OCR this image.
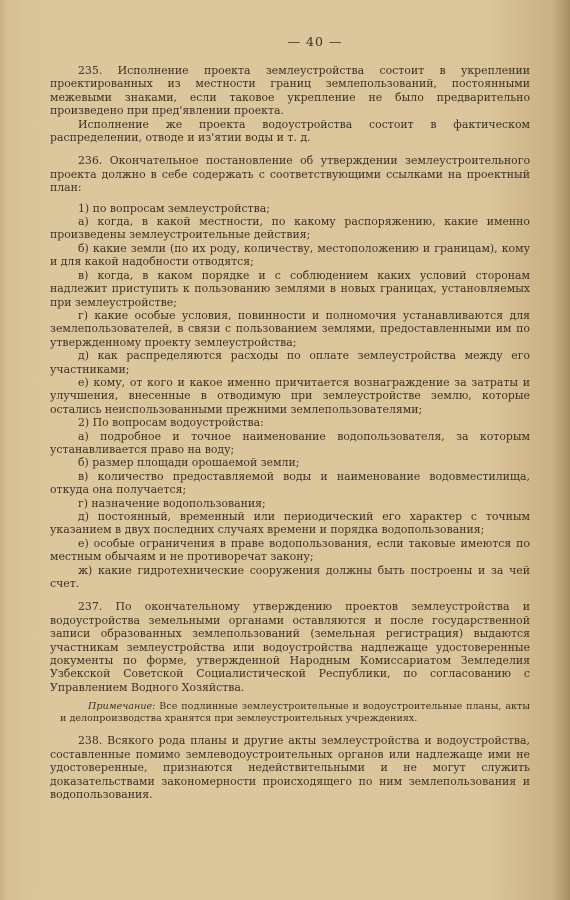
— 40 —

235. Исполнение проекта землеустройства состоит в укреплении проектированных из местности границ землепользований, постоянными межевыми знаками, если таковое укрепление не было предварительно произведено при пред'явлении проекта.

Исполнение же проекта водоустройства состоит в фактическом распределении, отводе и из'ятии воды и т. д.

236. Окончательное постановление об утверждении землеустроительного проекта должно в себе содержать с соответствующими ссылками на проектный план:

1) по вопросам землеустройства;

а) когда, в какой местности, по какому распоряжению, какие именно произведены землеустроительные действия;

б) какие земли (по их роду, количеству, местоположению и границам), кому и для какой надобности отводятся;

в) когда, в каком порядке и с соблюдением каких условий сторонам надлежит приступить к пользованию землями в новых границах, установляемых при землеустройстве;

г) какие особые условия, повинности и полномочия устанавливаются для землепользователей, в связи с пользованием землями, предоставленными им по утвержденному проекту землеустройства;

д) как распределяются расходы по оплате землеустройства между его участниками;

е) кому, от кого и какое именно причитается вознаграждение за затраты и улучшения, внесенные в отводимую при землеустройстве землю, которые остались неиспользованными прежними землепользователями;

2) По вопросам водоустройства:

а) подробное и точное наименование водопользователя, за которым устанавливается право на воду;

б) размер площади орошаемой земли;

в) количество предоставляемой воды и наименование водовместилища, откуда она получается;

г) назначение водопользования;

д) постоянный, временный или периодический его характер с точным указанием в двух последних случаях времени и порядка водопользования;

е) особые ограничения в праве водопользования, если таковые имеются по местным обычаям и не противоречат закону;

ж) какие гидротехнические сооружения должны быть построены и за чей счет.

237. По окончательному утверждению проектов землеустройства и водоустройства земельными органами оставляются и после государственной записи образованных землепользований (земельная регистрация) выдаются участникам землеустройства или водоустройства надлежаще удостоверенные документы по форме, утвержденной Народным Комиссариатом Земледелия Узбекской Советской Социалистической Республики, по согласованию с Управлением Водного Хозяйства.

Примечание: Все подлинные землеустроительные и водоустроительные планы, акты и делопроизводства хранятся при землеустроительных учреждениях.

238. Всякого рода планы и другие акты землеустройства и водоустройства, составленные помимо землеводоустроительных органов или надлежаще ими не удостоверенные, признаются недействительными и не могут служить доказательствами закономерности происходящего по ним землепользования и водопользования.
